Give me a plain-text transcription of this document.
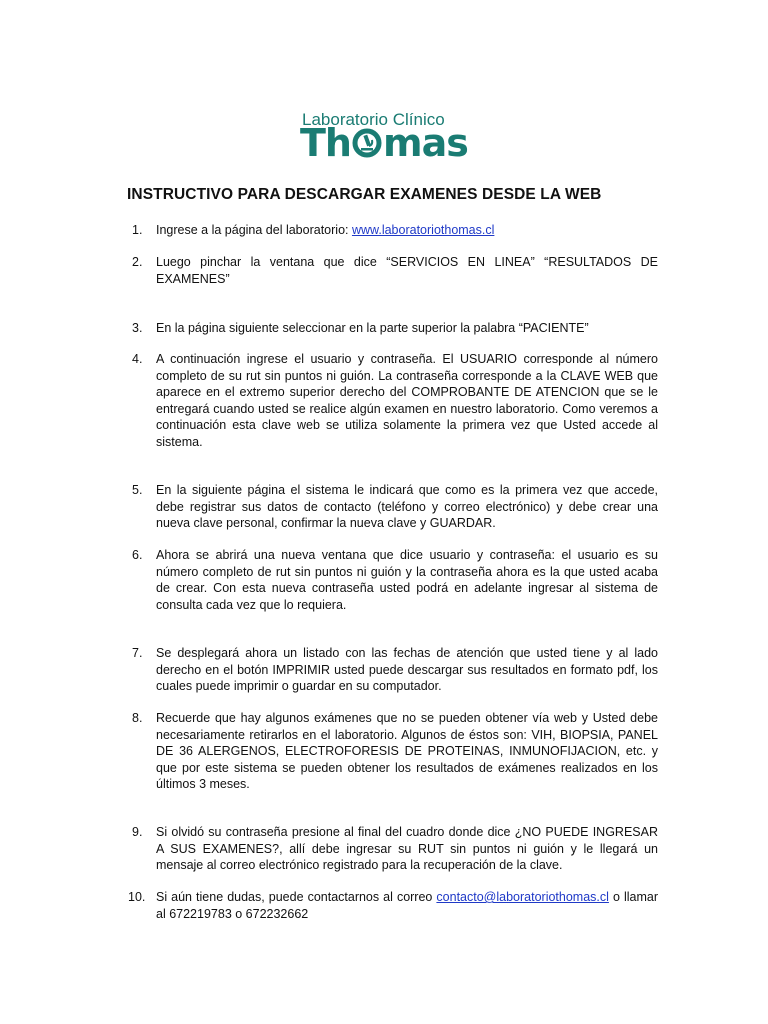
Laboratorio Clínico
Th mas
INSTRUCTIVO PARA DESCARGAR EXAMENES DESDE LA WEB
1.	Ingrese a la página del laboratorio: www.laboratoriothomas.cl
2.	Luego pinchar la ventana que dice “SERVICIOS EN LINEA” “RESULTADOS DE EXAMENES”
3.	En la página siguiente seleccionar en la parte superior la palabra “PACIENTE”
4.	A continuación ingrese el usuario y contraseña. El USUARIO corresponde al número completo de su rut sin puntos ni guión. La contraseña corresponde a la CLAVE WEB que aparece en el extremo superior derecho del COMPROBANTE DE ATENCION que se le entregará cuando usted se realice algún examen en nuestro laboratorio. Como veremos a continuación esta clave web se utiliza solamente la primera vez que Usted accede al sistema.
5.	En la siguiente página el sistema le indicará que como es la primera vez que accede, debe registrar sus datos de contacto (teléfono y correo electrónico) y debe crear una nueva clave personal, confirmar la nueva clave y GUARDAR.
6.	Ahora se abrirá una nueva ventana que dice usuario y contraseña: el usuario es su número completo de rut sin puntos ni guión y la contraseña ahora es la que usted acaba de crear. Con esta nueva contraseña usted podrá en adelante ingresar al sistema de consulta cada vez que lo requiera.
7.	Se desplegará ahora un listado con las fechas de atención que usted tiene y al lado derecho en el botón IMPRIMIR usted puede descargar sus resultados en formato pdf, los cuales puede imprimir o guardar en su computador.
8.	Recuerde que hay algunos exámenes que no se pueden obtener vía web y Usted debe necesariamente retirarlos en el laboratorio. Algunos de éstos son: VIH, BIOPSIA, PANEL DE 36 ALERGENOS, ELECTROFORESIS DE PROTEINAS, INMUNOFIJACION, etc. y que por este sistema se pueden obtener los resultados de exámenes realizados en los últimos 3 meses.
9.	Si olvidó su contraseña presione al final del cuadro donde dice ¿NO PUEDE INGRESAR A SUS EXAMENES?, allí debe ingresar su RUT sin puntos ni guión y le llegará un mensaje al correo electrónico registrado para la recuperación de la clave.
10. Si aún tiene dudas, puede contactarnos al correo contacto@laboratoriothomas.cl o llamar al 672219783 o 672232662
